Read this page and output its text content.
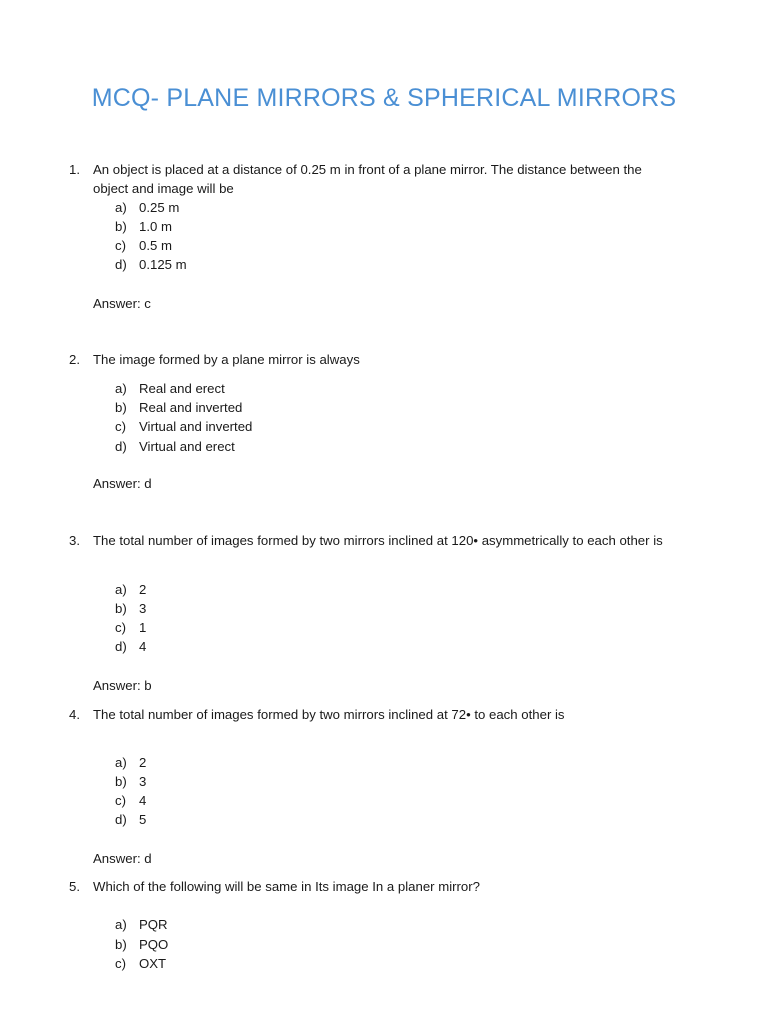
MCQ- PLANE MIRRORS & SPHERICAL MIRRORS
1. An object is placed at a distance of 0.25 m in front of a plane mirror. The distance between the
object and image will be
a) 0.25 m
b) 1.0 m
c) 0.5 m
d) 0.125 m
Answer: c
2. The image formed by a plane mirror is always
a) Real and erect
b) Real and inverted
c) Virtual and inverted
d) Virtual and erect
Answer: d
3. The total number of images formed by two mirrors inclined at 120• asymmetrically to each other is
a) 2
b) 3
c) 1
d) 4
Answer: b
4. The total number of images formed by two mirrors inclined at 72• to each other is
a) 2
b) 3
c) 4
d) 5
Answer: d
5. Which of the following will be same in Its image In a planer mirror?
a) PQR
b) PQO
c) OXT
